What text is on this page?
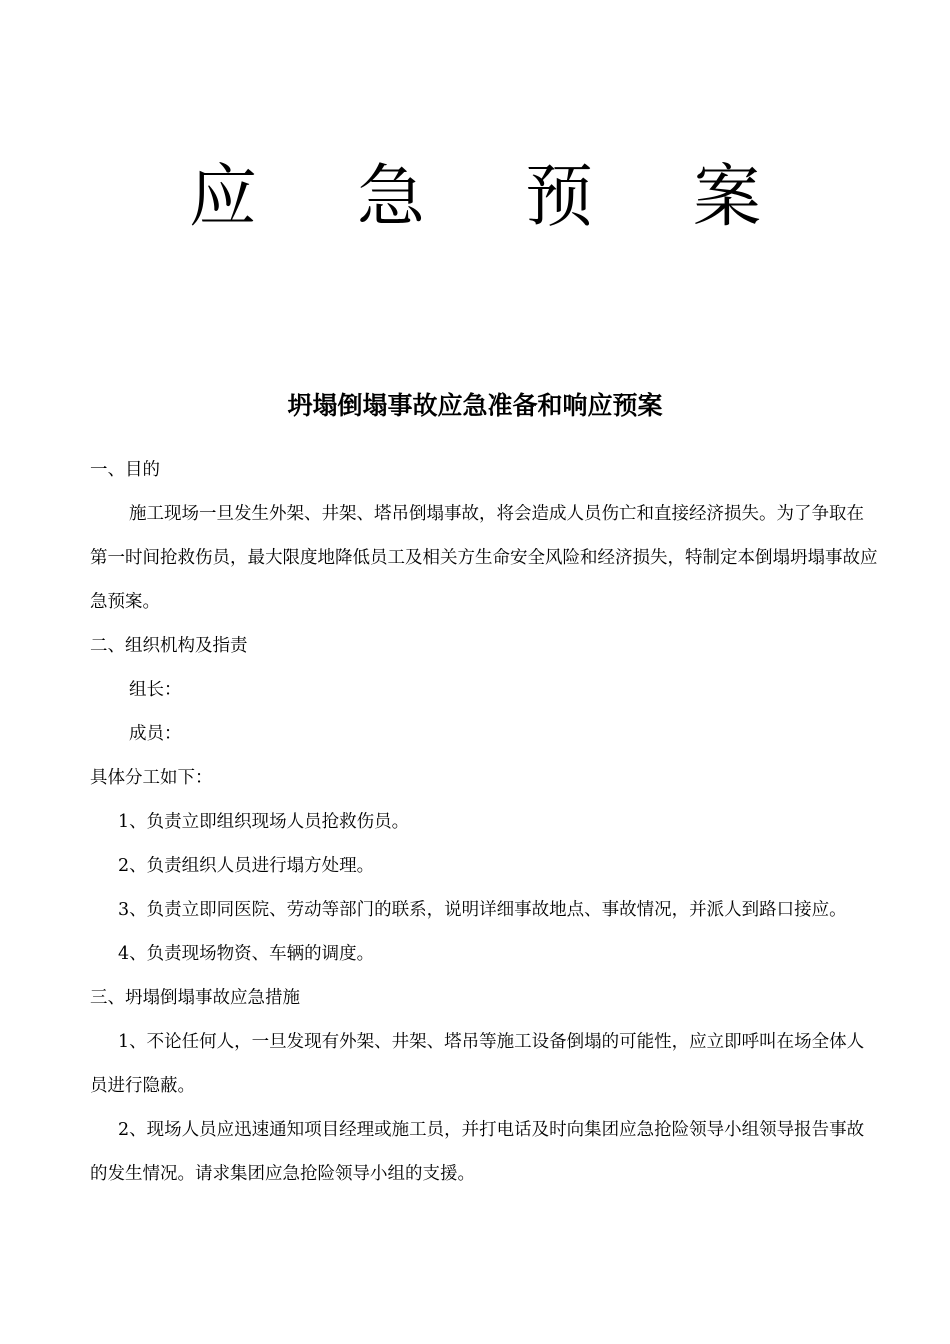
应急预案
坍塌倒塌事故应急准备和响应预案

一、目的

施工现场一旦发生外架、井架、塔吊倒塌事故，将会造成人员伤亡和直接经济损失。为了争取在第一时间抢救伤员，最大限度地降低员工及相关方生命安全风险和经济损失，特制定本倒塌坍塌事故应急预案。

二、组织机构及指责

组长：

成员：

具体分工如下：

1、负责立即组织现场人员抢救伤员。

2、负责组织人员进行塌方处理。

3、负责立即同医院、劳动等部门的联系，说明详细事故地点、事故情况，并派人到路口接应。

4、负责现场物资、车辆的调度。

三、坍塌倒塌事故应急措施

1、不论任何人，一旦发现有外架、井架、塔吊等施工设备倒塌的可能性，应立即呼叫在场全体人员进行隐蔽。

2、现场人员应迅速通知项目经理或施工员，并打电话及时向集团应急抢险领导小组领导报告事故的发生情况。请求集团应急抢险领导小组的支援。
